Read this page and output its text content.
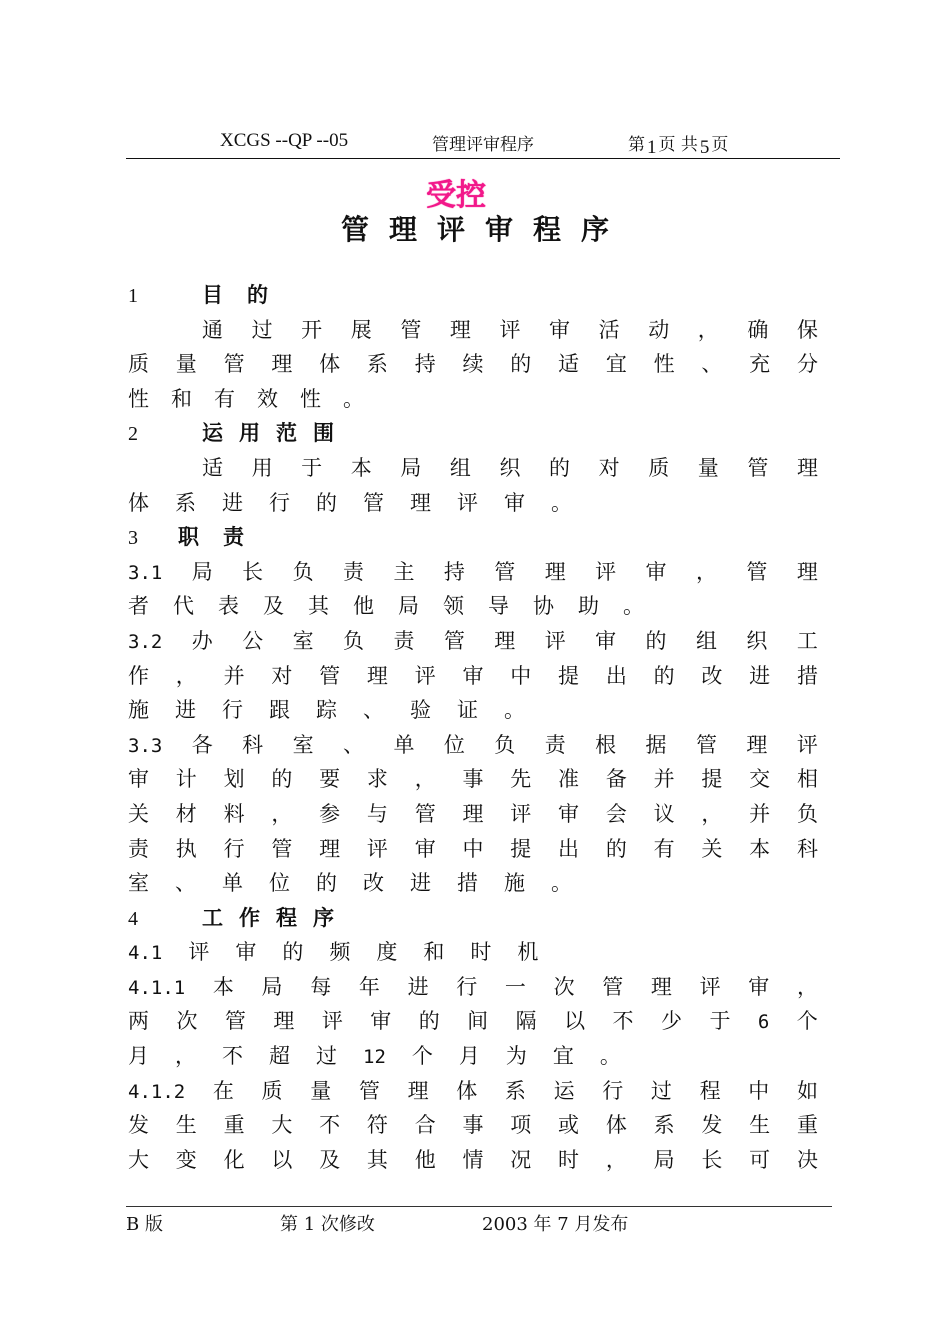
XCGS --QP --05	管理评审程序	第 1 页 共 5 页
受控
管理评审程序
1	目的
通 过 开 展 管 理 评 审 活 动 ， 确 保
质 量 管 理 体 系 持 续 的 适 宜 性 、 充 分
性 和 有 效 性 。
2	运用范围
适 用 于 本 局 组 织 的 对 质 量 管 理
体 系 进 行 的 管 理 评 审 。
3	职责
3.1 局 长 负 责 主 持 管 理 评 审 ， 管 理
者 代 表 及 其 他 局 领 导 协 助 。
3.2 办 公 室 负 责 管 理 评 审 的 组 织 工
作 ， 并 对 管 理 评 审 中 提 出 的 改 进 措
施 进 行 跟 踪 、 验 证 。
3.3 各 科 室 、 单 位 负 责 根 据 管 理 评
审 计 划 的 要 求 ， 事 先 准 备 并 提 交 相
关 材 料 ， 参 与 管 理 评 审 会 议 ， 并 负
责 执 行 管 理 评 审 中 提 出 的 有 关 本 科
室 、 单 位 的 改 进 措 施 。
4	工作程序
4.1 评 审 的 频 度 和 时 机
4.1.1 本 局 每 年 进 行 一 次 管 理 评 审 ，
两 次 管 理 评 审 的 间 隔 以 不 少 于 6 个
月 ， 不 超 过 12 个 月 为 宜 。
4.1.2 在 质 量 管 理 体 系 运 行 过 程 中 如
发 生 重 大 不 符 合 事 项 或 体 系 发 生 重
大 变 化 以 及 其 他 情 况 时 ， 局 长 可 决
B 版	第 1 次修改	2003 年 7 月发布
